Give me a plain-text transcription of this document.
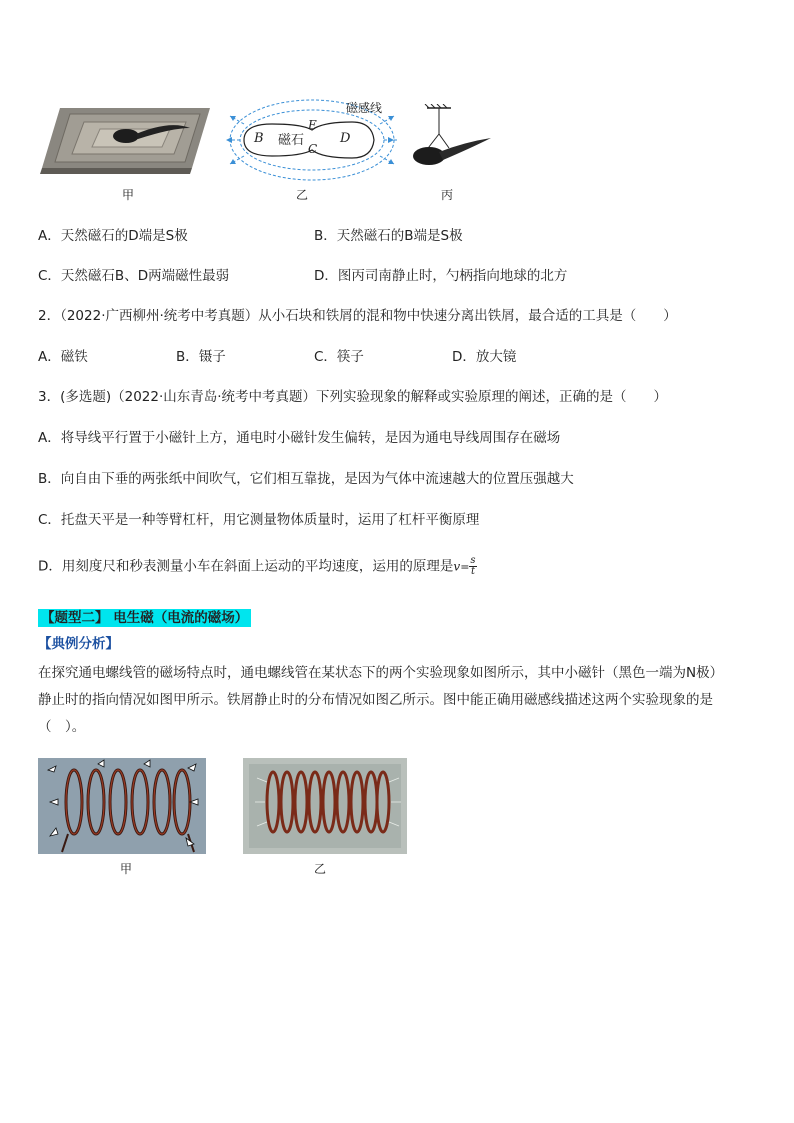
B 磁石
E
C
D
磁感线
甲	乙	丙
A．天然磁石的D端是S极	B．天然磁石的B端是S极
C．天然磁石B、D两端磁性最弱	D．图丙司南静止时，勺柄指向地球的北方
2．（2022·广西柳州·统考中考真题）从小石块和铁屑的混和物中快速分离出铁屑，最合适的工具是（　　）
A．磁铁	B．镊子	C．筷子	D．放大镜
3．(多选题)（2022·山东青岛·统考中考真题）下列实验现象的解释或实验原理的阐述，正确的是（　　）
A．将导线平行置于小磁针上方，通电时小磁针发生偏转，是因为通电导线周围存在磁场
B．向自由下垂的两张纸中间吹气，它们相互靠拢，是因为气体中流速越大的位置压强越大
C．托盘天平是一种等臂杠杆，用它测量物体质量时，运用了杠杆平衡原理
D．用刻度尺和秒表测量小车在斜面上运动的平均速度，运用的原理是$v= \frac{s}{t}$
【题型二】 电生磁（电流的磁场）
【典例分析】
在探究通电螺线管的磁场特点时，通电螺线管在某状态下的两个实验现象如图所示，其中小磁针（黑色一端为N极）
静止时的指向情况如图甲所示。铁屑静止时的分布情况如图乙所示。图中能正确用磁感线描述这两个实验现象的是
（　）。
甲	乙
